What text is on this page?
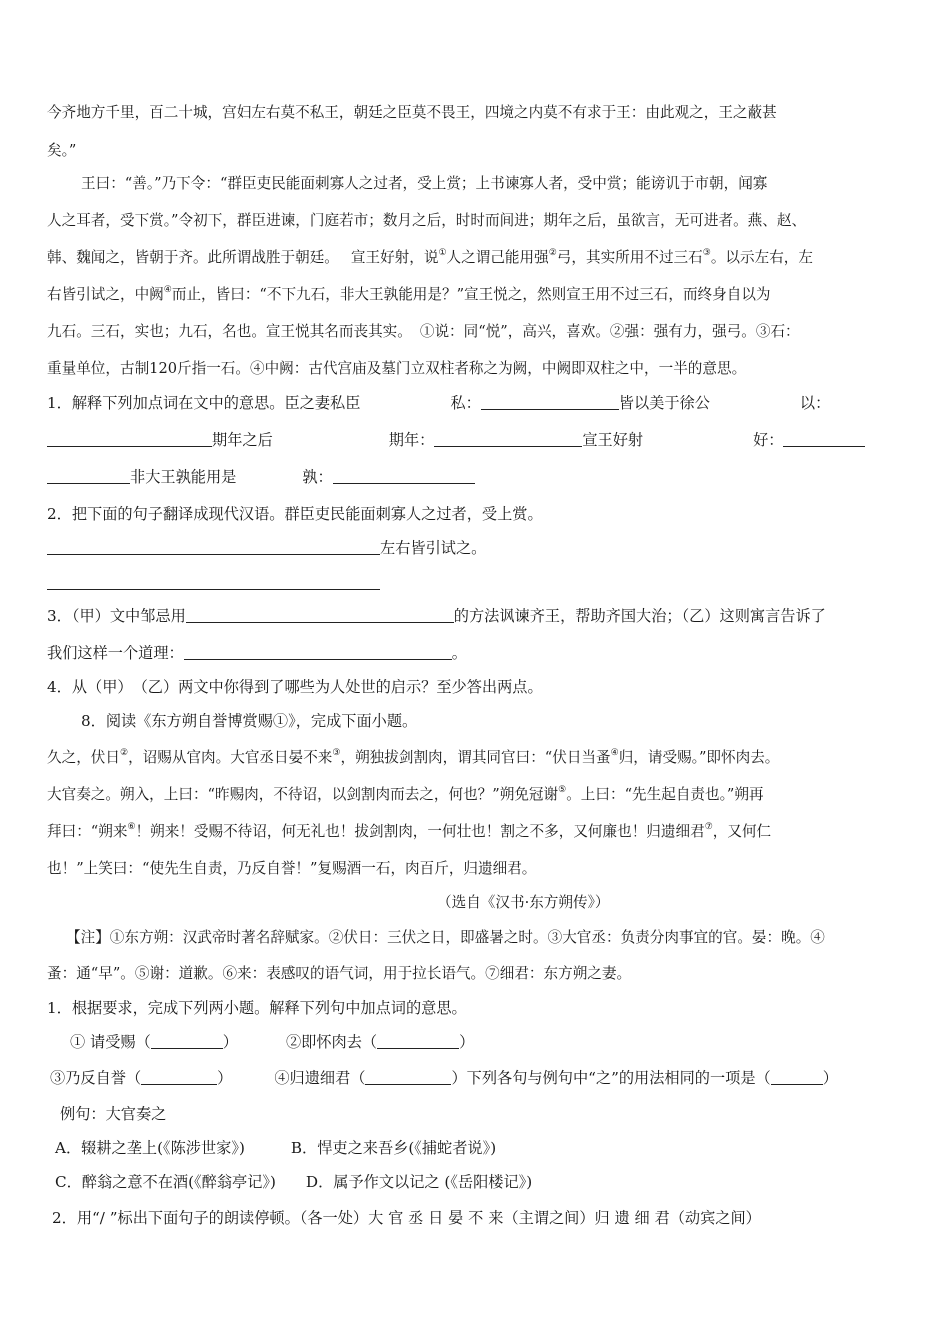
今齐地方千里，百二十城，宫妇左右莫不私王，朝廷之臣莫不畏王，四境之内莫不有求于王：由此观之，王之蔽甚
矣。”
王曰：“善。”乃下令：“群臣吏民能面刺寡人之过者，受上赏；上书谏寡人者，受中赏；能谤讥于市朝，闻寡
人之耳者，受下赏。”令初下，群臣进谏，门庭若市；数月之后，时时而间进；期年之后，虽欲言，无可进者。燕、赵、
韩、魏闻之，皆朝于齐。此所谓战胜于朝廷。 宣王好射，说①人之谓己能用强②弓，其实所用不过三石③。以示左右，左
右皆引试之，中阙④而止，皆曰：“不下九石，非大王孰能用是？”宣王悦之，然则宣王用不过三石，而终身自以为
九石。三石，实也；九石，名也。宣王悦其名而丧其实。 ①说：同“悦”，高兴，喜欢。②强：强有力，强弓。③石：
重量单位，古制120斤指一石。④中阙：古代宫庙及墓门立双柱者称之为阙，中阙即双柱之中，一半的意思。
1．解释下列加点词在文中的意思。臣之妻私臣	私：	皆以美于徐公	以：
期年之后	期年：	宣王好射	好：
非大王孰能用是	孰：
2．把下面的句子翻译成现代汉语。群臣吏民能面刺寡人之过者，受上赏。
左右皆引试之。
3．（甲）文中邹忌用	的方法讽谏齐王，帮助齐国大治；（乙）这则寓言告诉了
我们这样一个道理：	。
4．从（甲）　（乙）两文中你得到了哪些为人处世的启示？至少答出两点。
8．阅读《东方朔自誉博赏赐①》，完成下面小题。
久之，伏日②，诏赐从官肉。大官丞日晏不来③，朔独拔剑割肉，谓其同官曰：“伏日当蚤④归，请受赐。”即怀肉去。
大官奏之。朔入，上曰：“昨赐肉，不待诏，以剑割肉而去之，何也？”朔免冠谢⑤。上曰：“先生起自责也。”朔再
拜曰：“朔来⑥！朔来！受赐不待诏，何无礼也！拔剑割肉，一何壮也！割之不多，又何廉也！归遗细君⑦，又何仁
也！”上笑曰：“使先生自责，乃反自誉！”复赐酒一石，肉百斤，归遗细君。
（选自《汉书·东方朔传》）
【注】①东方朔：汉武帝时著名辞赋家。②伏日：三伏之日，即盛暑之时。③大官丞：负责分肉事宜的官。晏：晚。④
蚤：通“早”。⑤谢：道歉。⑥来：表感叹的语气词，用于拉长语气。⑦细君：东方朔之妻。
1．根据要求，完成下列两小题。解释下列句中加点词的意思。
① 请受赐（	）	②即怀肉去（	）
③乃反自誉（	）	④归遗细君（	）下列各句与例句中“之”的用法相同的一项是（	）
例句：大官奏之
A．辍耕之垄上(《陈涉世家》)	B．悍吏之来吾乡(《捕蛇者说》)
C．醉翁之意不在酒(《醉翁亭记》) D．属予作文以记之 (《岳阳楼记》)
2．用“/ ”标出下面句子的朗读停顿。（各一处）大 官 丞 日 晏 不 来（主谓之间）归 遗 细 君（动宾之间）
